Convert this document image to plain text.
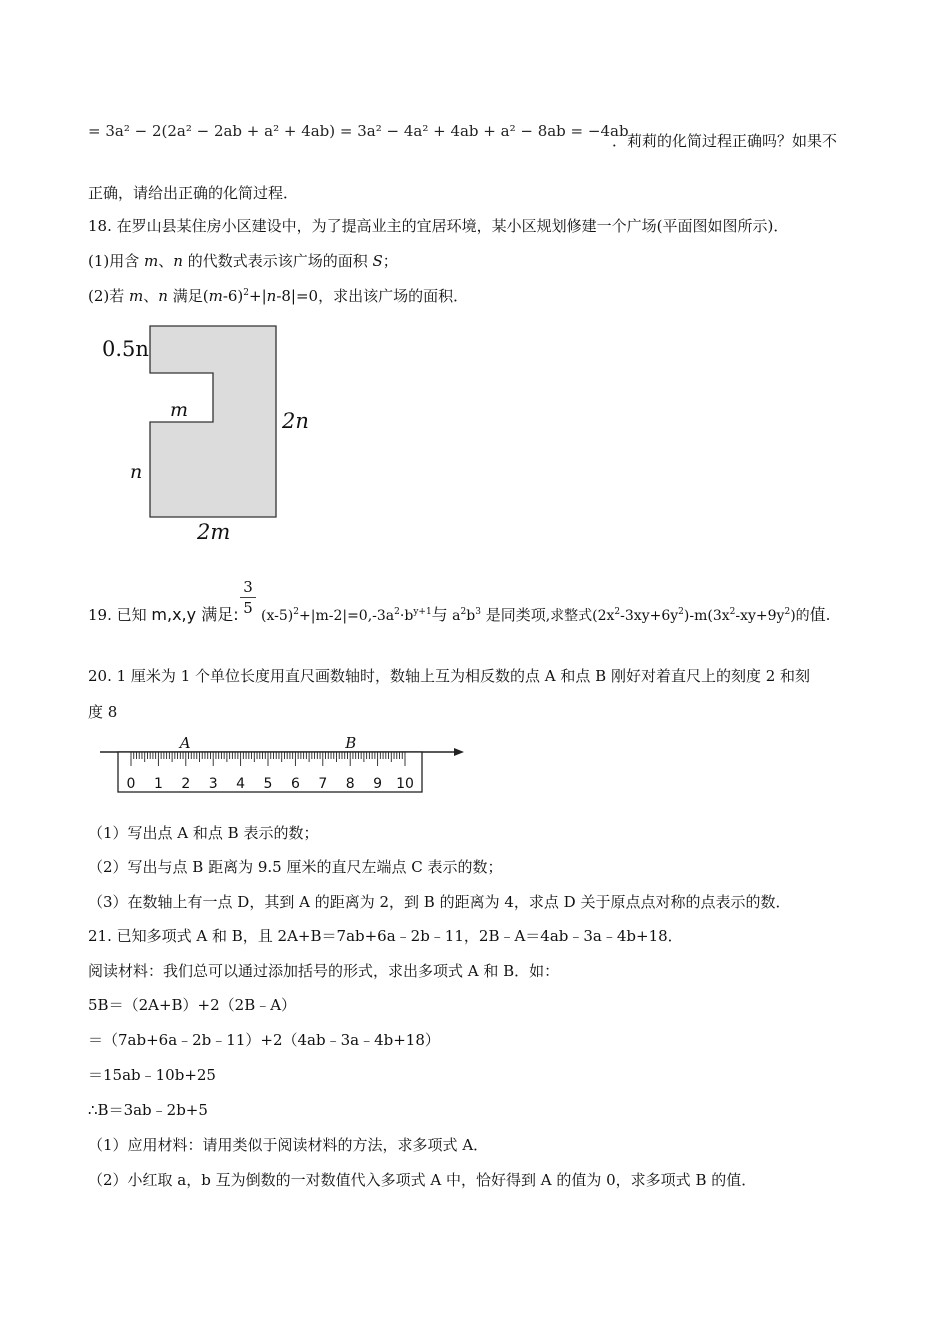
= 3a² − 2(2a² − 2ab + a² + 4ab) = 3a² − 4a² + 4ab + a² − 8ab = −4ab
．莉莉的化简过程正确吗？如果不
正确，请给出正确的化简过程．
18. 在罗山县某住房小区建设中，为了提高业主的宜居环境，某小区规划修建一个广场(平面图如图所示)．
(1)用含 m、n 的代数式表示该广场的面积 S；
(2)若 m、n 满足$(m-6)^2+|n-8|=0$，求出该广场的面积．
0.5n
m	2n
n
2m
3
5
19. 已知 m,x,y 满足: $(x-5)^2+|m-2|=0,-3a^2\cdot b^{y+1}$与 $a^2b^3$ 是同类项,求整式$(2x^2-3xy+6y^2)-m(3x^2-xy+9y^2)$的值.
20. 1 厘米为 1 个单位长度用直尺画数轴时，数轴上互为相反数的点 A 和点 B 刚好对着直尺上的刻度 2 和刻
度 8
0 1 2 3 4 5 6 7 8 9 10
A	B
（1）写出点 A 和点 B 表示的数；
（2）写出与点 B 距离为 9.5 厘米的直尺左端点 C 表示的数；
（3）在数轴上有一点 D，其到 A 的距离为 2，到 B 的距离为 4，求点 D 关于原点点对称的点表示的数．
21. 已知多项式 A 和 B，且 2A+B＝7ab+6a﹣2b﹣11，2B﹣A＝4ab﹣3a﹣4b+18．
阅读材料：我们总可以通过添加括号的形式，求出多项式 A 和 B．如：
5B＝（2A+B）+2（2B﹣A）
＝（7ab+6a﹣2b﹣11）+2（4ab﹣3a﹣4b+18）
＝15ab﹣10b+25
∴B＝3ab﹣2b+5
（1）应用材料：请用类似于阅读材料的方法，求多项式 A．
（2）小红取 a，b 互为倒数的一对数值代入多项式 A 中，恰好得到 A 的值为 0，求多项式 B 的值．
